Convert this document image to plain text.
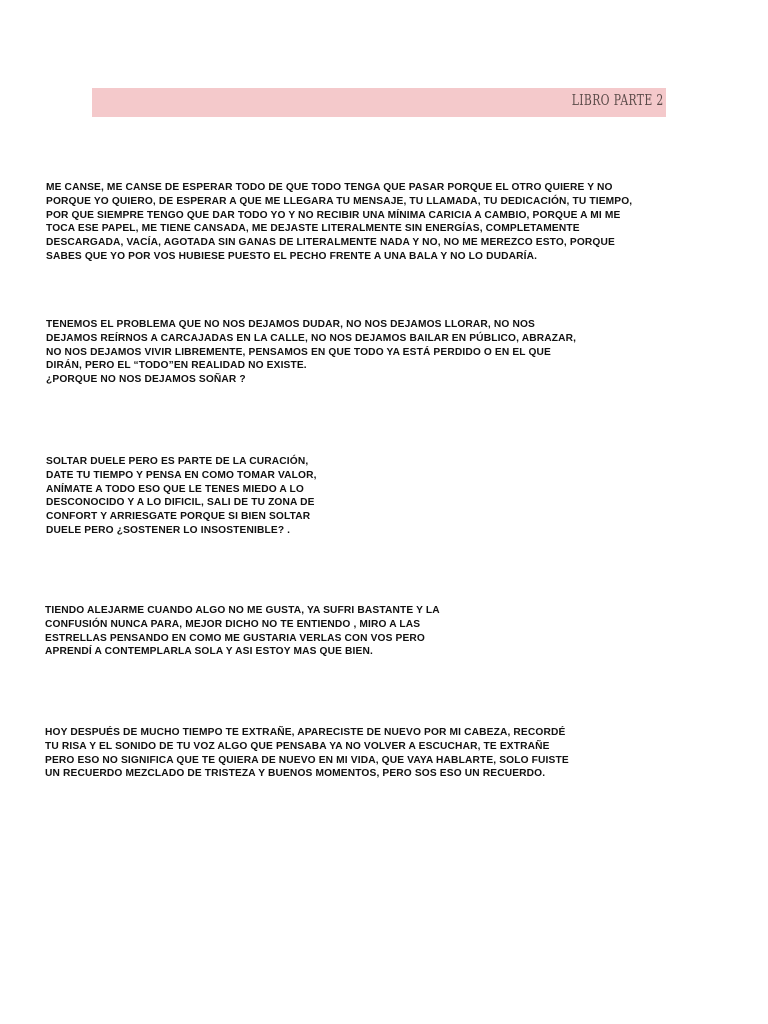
LIBRO PARTE 2
ME CANSE, ME CANSE DE ESPERAR TODO DE QUE TODO TENGA QUE PASAR PORQUE EL OTRO QUIERE Y NO
PORQUE YO QUIERO, DE ESPERAR A QUE ME LLEGARA TU MENSAJE, TU LLAMADA, TU DEDICACIÓN, TU TIEMPO,
POR QUE SIEMPRE TENGO QUE DAR TODO YO Y NO RECIBIR UNA MÍNIMA CARICIA A CAMBIO, PORQUE A MI ME
TOCA ESE PAPEL, ME TIENE CANSADA, ME DEJASTE LITERALMENTE SIN ENERGÍAS, COMPLETAMENTE
DESCARGADA, VACÍA, AGOTADA SIN GANAS DE LITERALMENTE NADA Y NO, NO ME MEREZCO ESTO, PORQUE
SABES QUE YO POR VOS HUBIESE PUESTO EL PECHO FRENTE A UNA BALA Y NO LO DUDARÍA.
TENEMOS EL PROBLEMA QUE NO NOS DEJAMOS DUDAR, NO NOS DEJAMOS LLORAR, NO NOS
DEJAMOS REÍRNOS A CARCAJADAS EN LA CALLE, NO NOS DEJAMOS BAILAR EN PÚBLICO, ABRAZAR,
NO NOS DEJAMOS VIVIR LIBREMENTE, PENSAMOS EN QUE TODO YA ESTÁ PERDIDO O EN EL QUE
DIRÁN, PERO EL “TODO”EN REALIDAD NO EXISTE.
¿PORQUE NO NOS DEJAMOS SOÑAR ?
SOLTAR DUELE PERO ES PARTE DE LA CURACIÓN,
DATE TU TIEMPO Y PENSA EN COMO TOMAR VALOR,
ANÍMATE A TODO ESO QUE LE TENES MIEDO A LO
DESCONOCIDO Y A LO DIFICIL, SALI DE TU ZONA DE
CONFORT Y ARRIESGATE PORQUE SI BIEN SOLTAR
DUELE PERO ¿SOSTENER LO INSOSTENIBLE? .
TIENDO ALEJARME CUANDO ALGO NO ME GUSTA, YA SUFRI BASTANTE Y LA
CONFUSIÓN NUNCA PARA, MEJOR DICHO NO TE ENTIENDO , MIRO A LAS
ESTRELLAS PENSANDO EN COMO ME GUSTARIA VERLAS CON VOS PERO
APRENDÍ A CONTEMPLARLA SOLA Y ASI ESTOY MAS QUE BIEN.
HOY DESPUÉS DE MUCHO TIEMPO TE EXTRAÑE, APARECISTE DE NUEVO POR MI CABEZA, RECORDÉ
TU RISA Y EL SONIDO DE TU VOZ ALGO QUE PENSABA YA NO VOLVER A ESCUCHAR, TE EXTRAÑE
PERO ESO NO SIGNIFICA QUE TE QUIERA DE NUEVO EN MI VIDA, QUE VAYA HABLARTE, SOLO FUISTE
UN RECUERDO MEZCLADO DE TRISTEZA Y BUENOS MOMENTOS, PERO SOS ESO UN RECUERDO.
